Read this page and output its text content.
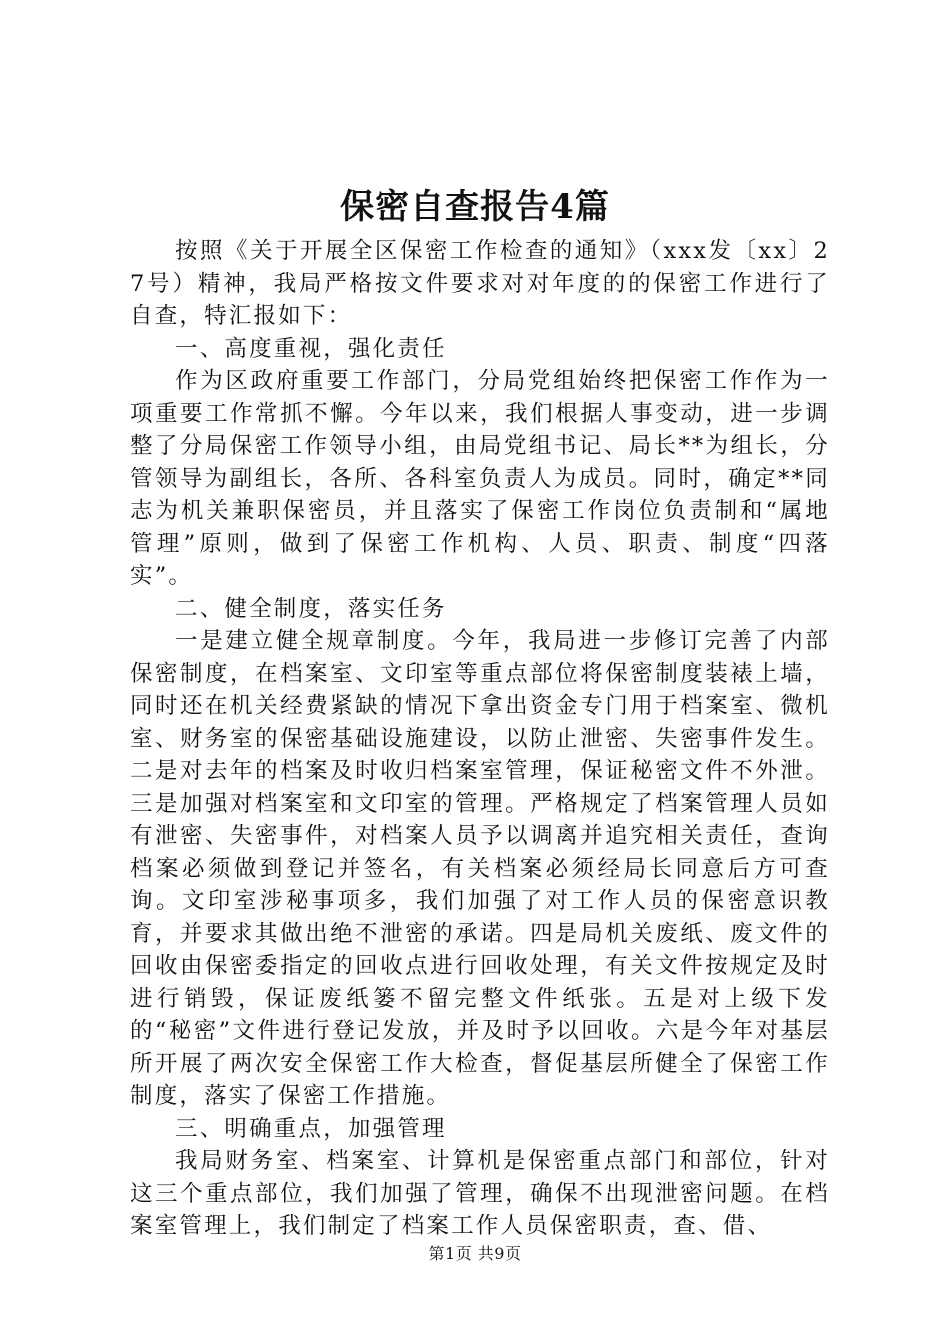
保密自查报告4篇

按照《关于开展全区保密工作检查的通知》（xxx发〔xx〕27号）精神，我局严格按文件要求对对年度的的保密工作进行了自查，特汇报如下：

一、高度重视，强化责任

作为区政府重要工作部门，分局党组始终把保密工作作为一项重要工作常抓不懈。今年以来，我们根据人事变动，进一步调整了分局保密工作领导小组，由局党组书记、局长**为组长，分管领导为副组长，各所、各科室负责人为成员。同时，确定**同志为机关兼职保密员，并且落实了保密工作岗位负责制和“属地管理”原则，做到了保密工作机构、人员、职责、制度“四落实”。

二、健全制度，落实任务

一是建立健全规章制度。今年，我局进一步修订完善了内部保密制度，在档案室、文印室等重点部位将保密制度装裱上墙，同时还在机关经费紧缺的情况下拿出资金专门用于档案室、微机室、财务室的保密基础设施建设，以防止泄密、失密事件发生。二是对去年的档案及时收归档案室管理，保证秘密文件不外泄。三是加强对档案室和文印室的管理。严格规定了档案管理人员如有泄密、失密事件，对档案人员予以调离并追究相关责任，查询档案必须做到登记并签名，有关档案必须经局长同意后方可查询。文印室涉秘事项多，我们加强了对工作人员的保密意识教育，并要求其做出绝不泄密的承诺。四是局机关废纸、废文件的回收由保密委指定的回收点进行回收处理，有关文件按规定及时进行销毁，保证废纸篓不留完整文件纸张。五是对上级下发的“秘密”文件进行登记发放，并及时予以回收。六是今年对基层所开展了两次安全保密工作大检查，督促基层所健全了保密工作制度，落实了保密工作措施。

三、明确重点，加强管理

我局财务室、档案室、计算机是保密重点部门和部位，针对这三个重点部位，我们加强了管理，确保不出现泄密问题。在档案室管理上，我们制定了档案工作人员保密职责，查、借、

第1页 共9页
